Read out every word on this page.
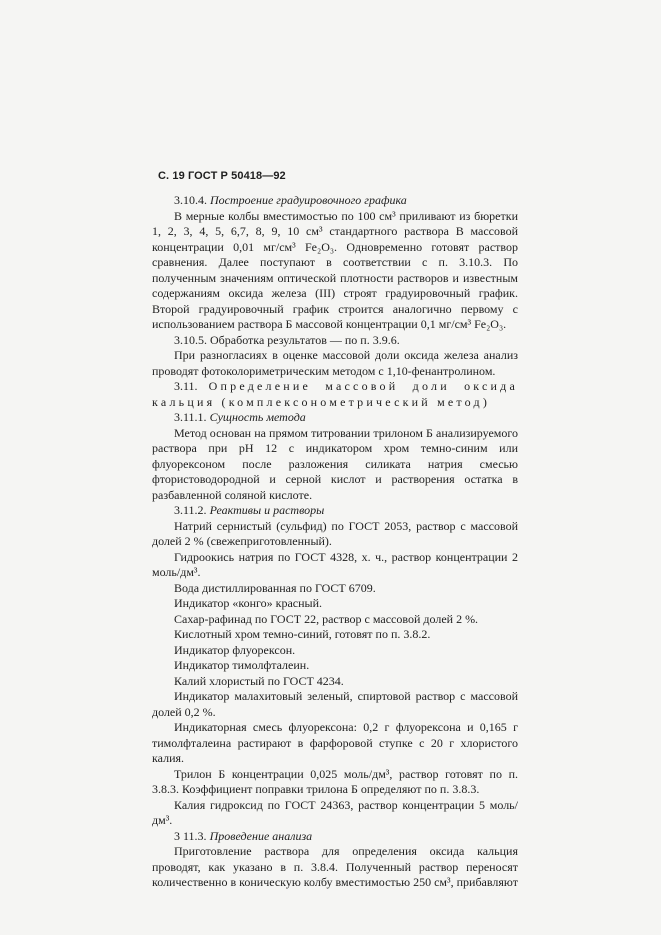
С. 19 ГОСТ Р 50418—92

3.10.4. Построение градуировочного графика

В мерные колбы вместимостью по 100 см³ приливают из бюретки 1, 2, 3, 4, 5, 6,7, 8, 9, 10 см³ стандартного раствора В массовой концентрации 0,01 мг/см³ Fe₂O₃. Одновременно готовят раствор сравнения. Далее поступают в соответствии с п. 3.10.3. По полученным значениям оптической плотности растворов и известным содержаниям оксида железа (III) строят градуировочный график. Второй градуировочный график строится аналогично первому с использованием раствора Б массовой концентрации 0,1 мг/см³ Fe₂O₃.

3.10.5. Обработка результатов — по п. 3.9.6.

При разногласиях в оценке массовой доли оксида железа анализ проводят фотоколориметрическим методом с 1,10-фенантролином.

3.11. Определение массовой доли оксида кальция (комплексонометрический метод)

3.11.1. Сущность метода

Метод основан на прямом титровании трилоном Б анализируемого раствора при pH 12 с индикатором хром темно-синим или флуорексоном после разложения силиката натрия смесью фтористоводородной и серной кислот и растворения остатка в разбавленной соляной кислоте.

3.11.2. Реактивы и растворы

Натрий сернистый (сульфид) по ГОСТ 2053, раствор с массовой долей 2 % (свежеприготовленный).

Гидроокись натрия по ГОСТ 4328, х. ч., раствор концентрации 2 моль/дм³.

Вода дистиллированная по ГОСТ 6709.

Индикатор «конго» красный.

Сахар-рафинад по ГОСТ 22, раствор с массовой долей 2 %.

Кислотный хром темно-синий, готовят по п. 3.8.2.

Индикатор флуорексон.

Индикатор тимолфталеин.

Калий хлористый по ГОСТ 4234.

Индикатор малахитовый зеленый, спиртовой раствор с массовой долей 0,2 %.

Индикаторная смесь флуорексона: 0,2 г флуорексона и 0,165 г тимолфталеина растирают в фарфоровой ступке с 20 г хлористого калия.

Трилон Б концентрации 0,025 моль/дм³, раствор готовят по п. 3.8.3. Коэффициент поправки трилона Б определяют по п. 3.8.3.

Калия гидроксид по ГОСТ 24363, раствор концентрации 5 моль/дм³.

3 11.3. Проведение анализа

Приготовление раствора для определения оксида кальция проводят, как указано в п. 3.8.4. Полученный раствор переносят количественно в коническую колбу вместимостью 250 см³, прибавляют
